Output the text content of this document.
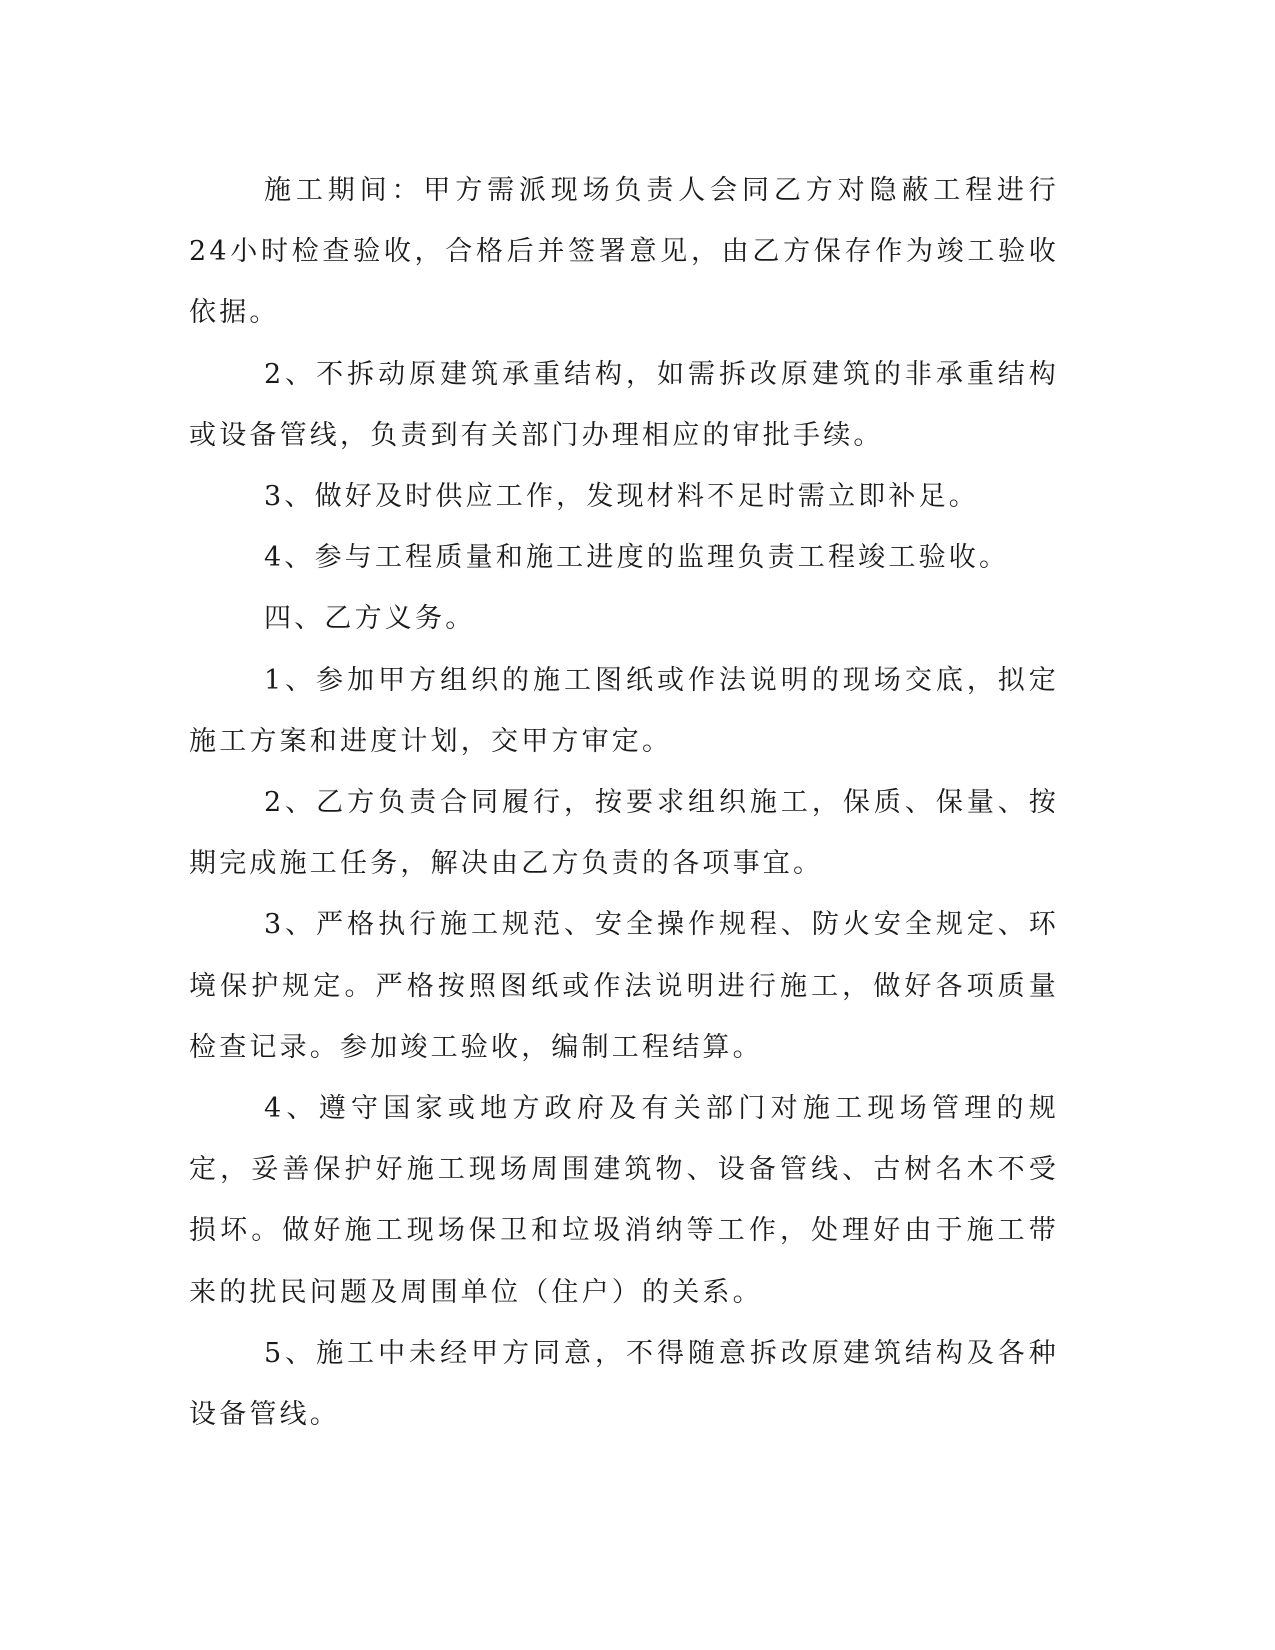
施工期间：甲方需派现场负责人会同乙方对隐蔽工程进行24小时检查验收，合格后并签署意见，由乙方保存作为竣工验收依据。

2、不拆动原建筑承重结构，如需拆改原建筑的非承重结构或设备管线，负责到有关部门办理相应的审批手续。

3、做好及时供应工作，发现材料不足时需立即补足。

4、参与工程质量和施工进度的监理负责工程竣工验收。

四、乙方义务。

1、参加甲方组织的施工图纸或作法说明的现场交底，拟定施工方案和进度计划，交甲方审定。

2、乙方负责合同履行，按要求组织施工，保质、保量、按期完成施工任务，解决由乙方负责的各项事宜。

3、严格执行施工规范、安全操作规程、防火安全规定、环境保护规定。严格按照图纸或作法说明进行施工，做好各项质量检查记录。参加竣工验收，编制工程结算。

4、遵守国家或地方政府及有关部门对施工现场管理的规定，妥善保护好施工现场周围建筑物、设备管线、古树名木不受损坏。做好施工现场保卫和垃圾消纳等工作，处理好由于施工带来的扰民问题及周围单位（住户）的关系。

5、施工中未经甲方同意，不得随意拆改原建筑结构及各种设备管线。
